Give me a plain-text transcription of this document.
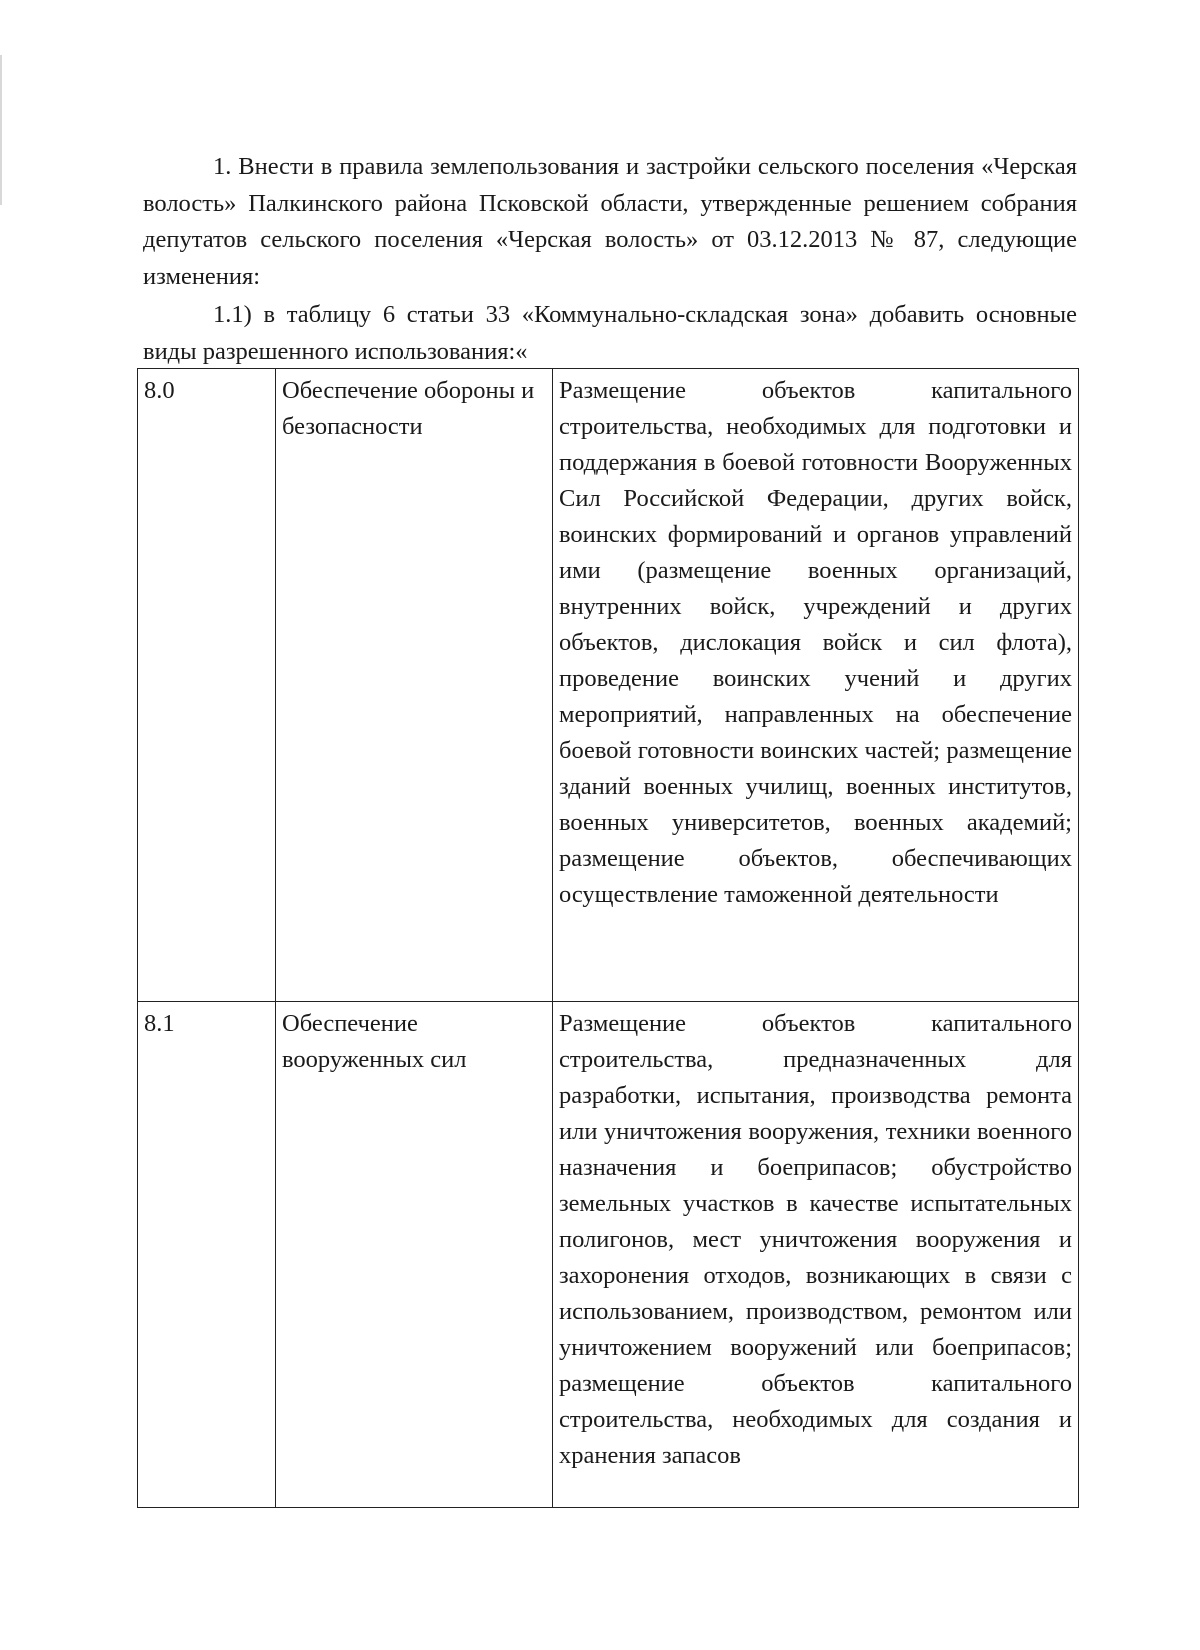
1. Внести в правила землепользования и застройки сельского поселения «Черская волость» Палкинского района Псковской области, утвержденные решением собрания депутатов сельского поселения «Черская волость» от 03.12.2013 № 87, следующие изменения:

1.1) в таблицу 6 статьи 33 «Коммунально-складская зона» добавить основные виды разрешенного использования:«

8.0	Обеспечение обороны и безопасности	Размещение объектов капитального строительства, необходимых для подготовки и поддержания в боевой готовности Вооруженных Сил Российской Федерации, других войск, воинских формирований и органов управлений ими (размещение военных организаций, внутренних войск, учреждений и других объектов, дислокация войск и сил флота), проведение воинских учений и других мероприятий, направленных на обеспечение боевой готовности воинских частей; размещение зданий военных училищ, военных институтов, военных университетов, военных академий; размещение объектов, обеспечивающих осуществление таможенной деятельности

8.1	Обеспечение вооруженных сил	Размещение объектов капитального строительства, предназначенных для разработки, испытания, производства ремонта или уничтожения вооружения, техники военного назначения и боеприпасов; обустройство земельных участков в качестве испытательных полигонов, мест уничтожения вооружения и захоронения отходов, возникающих в связи с использованием, производством, ремонтом или уничтожением вооружений или боеприпасов; размещение объектов капитального строительства, необходимых для создания и хранения запасов
